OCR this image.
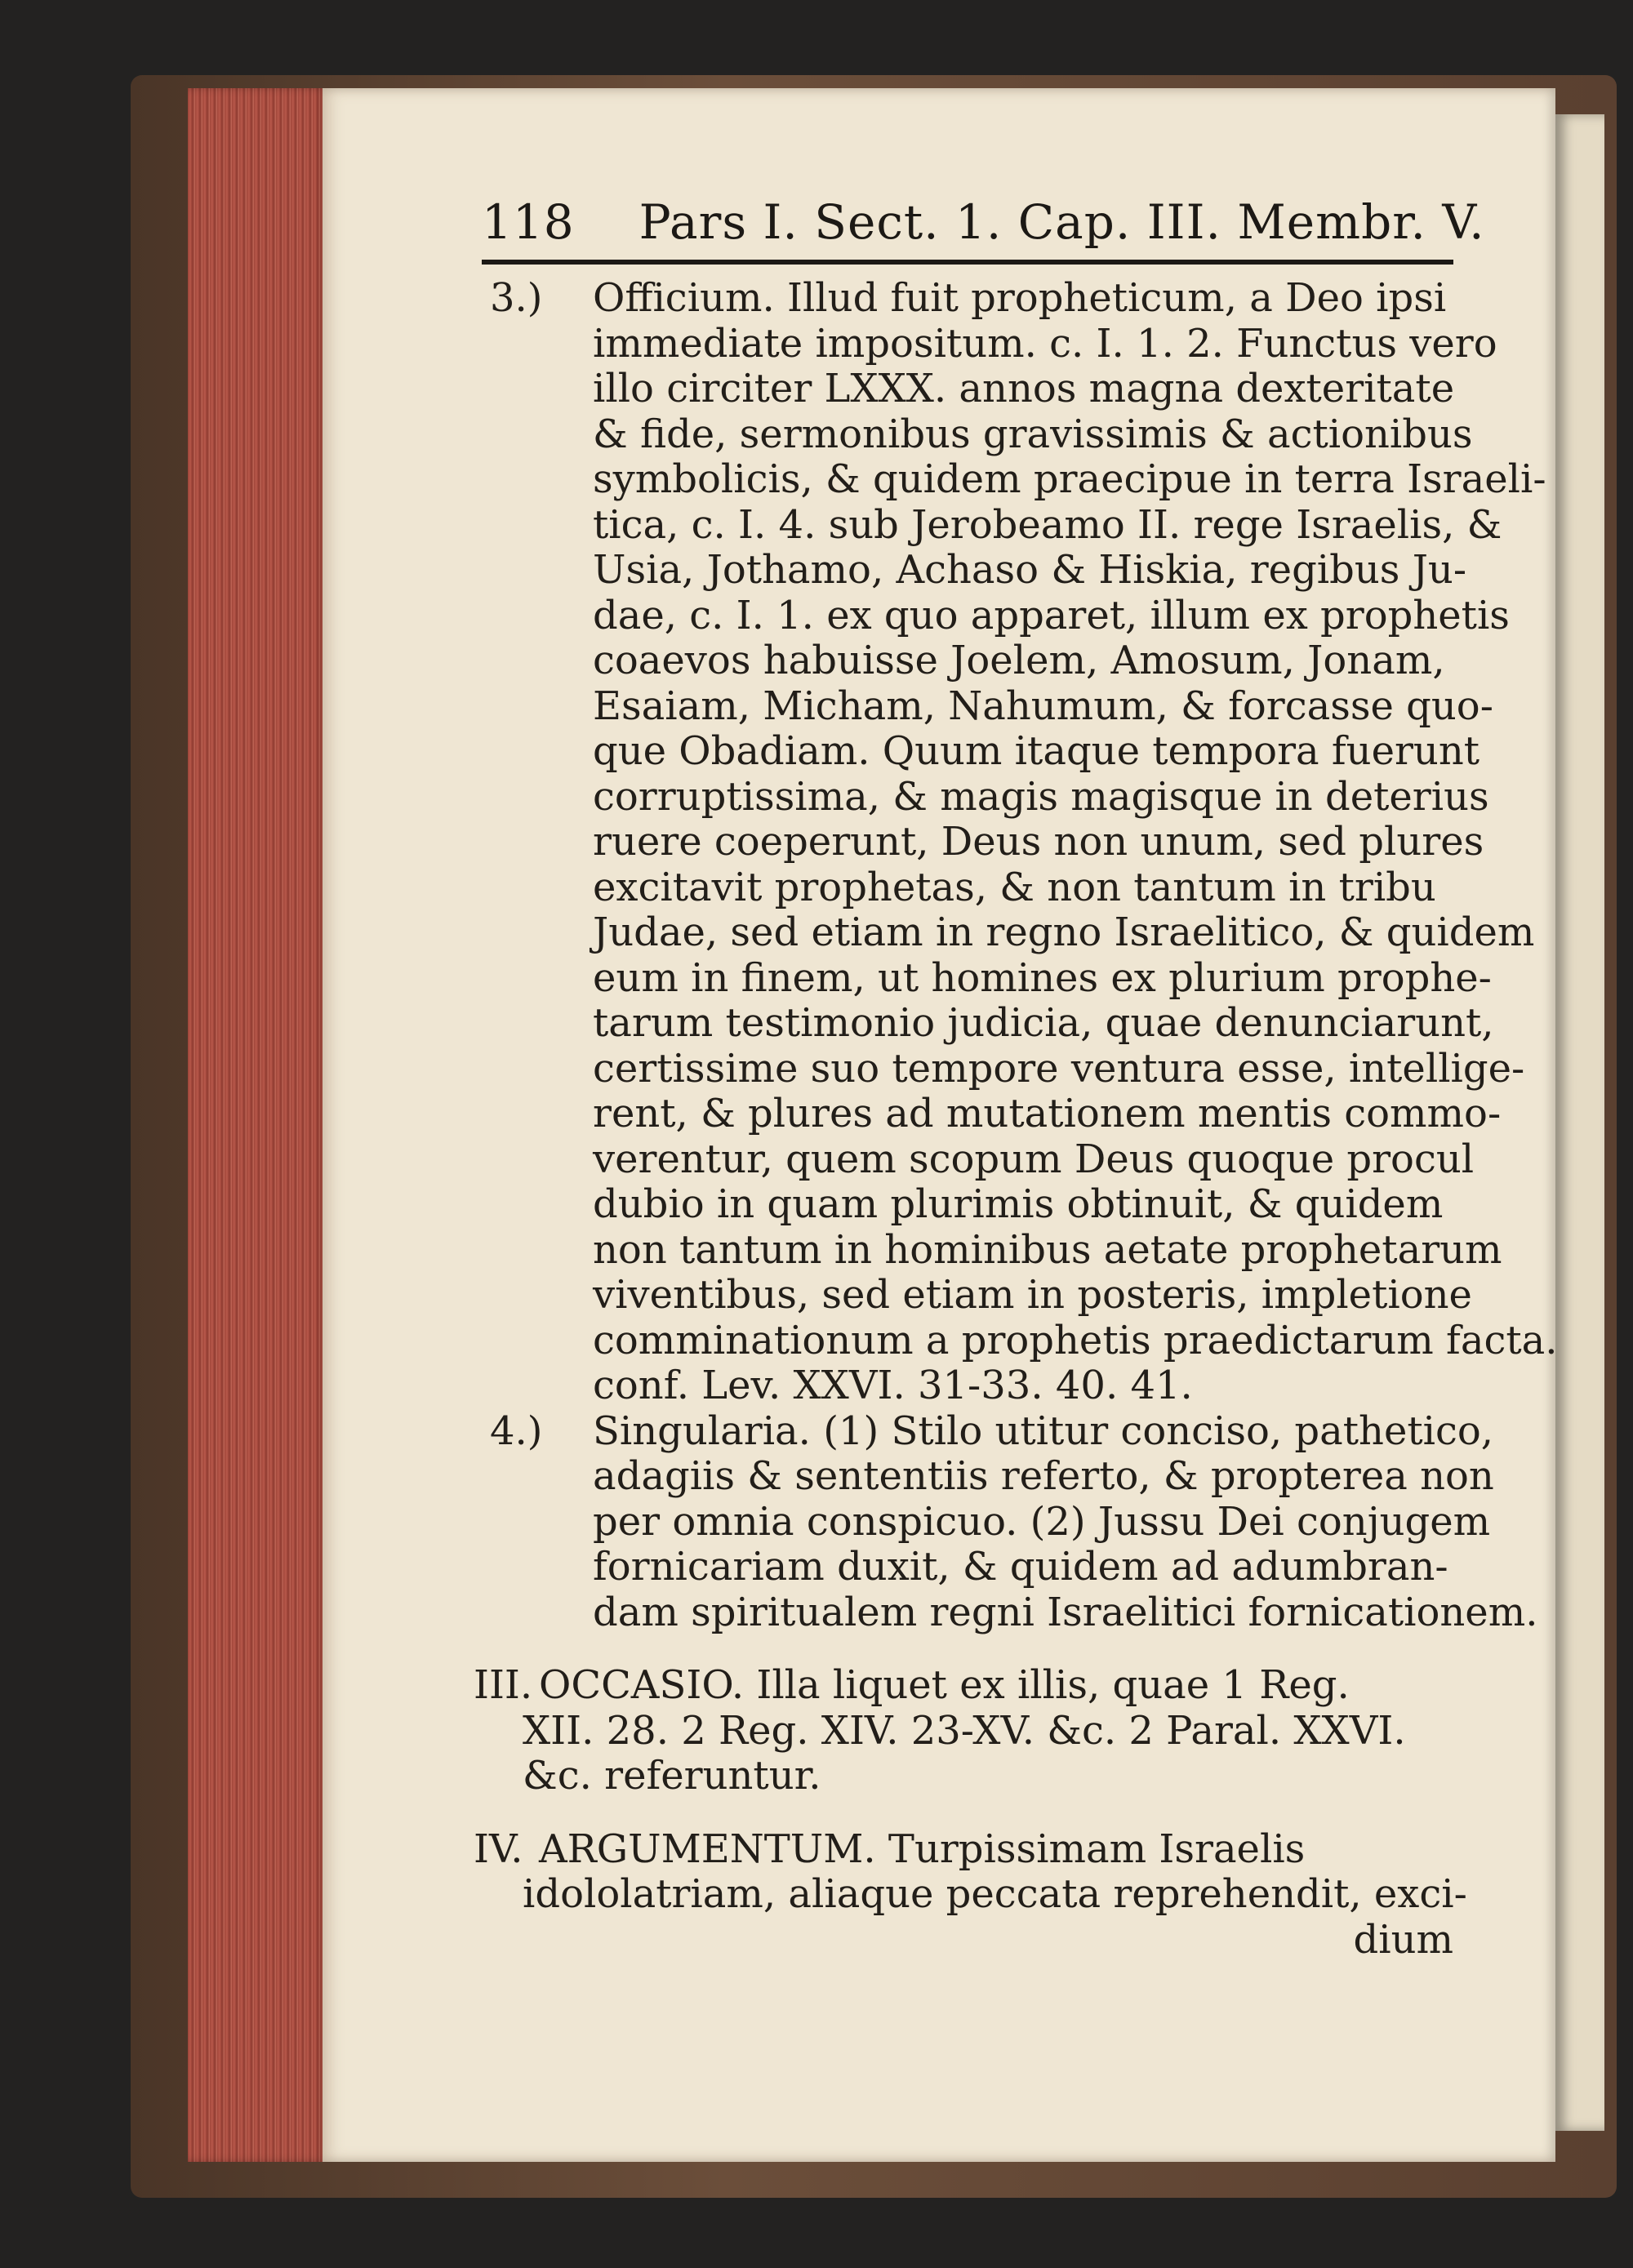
118 Pars I. Sect. 1. Cap. III. Membr. V.
3.) Officium. Illud fuit propheticum, a Deo ipsi
immediate impositum. c. I. 1. 2. Functus vero
illo circiter LXXX. annos magna dexteritate
& fide, sermonibus gravissimis & actionibus
symbolicis, & quidem praecipue in terra Israeli-
tica, c. I. 4. sub Jerobeamo II. rege Israelis, &
Usia, Jothamo, Achaso & Hiskia, regibus Ju-
dae, c. I. 1. ex quo apparet, illum ex prophetis
coaevos habuisse Joelem, Amosum, Jonam,
Esaiam, Micham, Nahumum, & forcasse quo-
que Obadiam. Quum itaque tempora fuerunt
corruptissima, & magis magisque in deterius
ruere coeperunt, Deus non unum, sed plures
excitavit prophetas, & non tantum in tribu
Judae, sed etiam in regno Israelitico, & quidem
eum in finem, ut homines ex plurium prophe-
tarum testimonio judicia, quae denunciarunt,
certissime suo tempore ventura esse, intellige-
rent, & plures ad mutationem mentis commo-
verentur, quem scopum Deus quoque procul
dubio in quam plurimis obtinuit, & quidem
non tantum in hominibus aetate prophetarum
viventibus, sed etiam in posteris, impletione
comminationum a prophetis praedictarum facta.
conf. Lev. XXVI. 31-33. 40. 41.
4.) Singularia. (1) Stilo utitur conciso, pathetico,
adagiis & sententiis referto, & propterea non
per omnia conspicuo. (2) Jussu Dei conjugem
fornicariam duxit, & quidem ad adumbran-
dam spiritualem regni Israelitici fornicationem.
III. OCCASIO. Illa liquet ex illis, quae 1 Reg.
XII. 28. 2 Reg. XIV. 23-XV. &c. 2 Paral. XXVI.
&c. referuntur.
IV. ARGUMENTUM. Turpissimam Israelis
idololatriam, aliaque peccata reprehendit, exci-
dium
